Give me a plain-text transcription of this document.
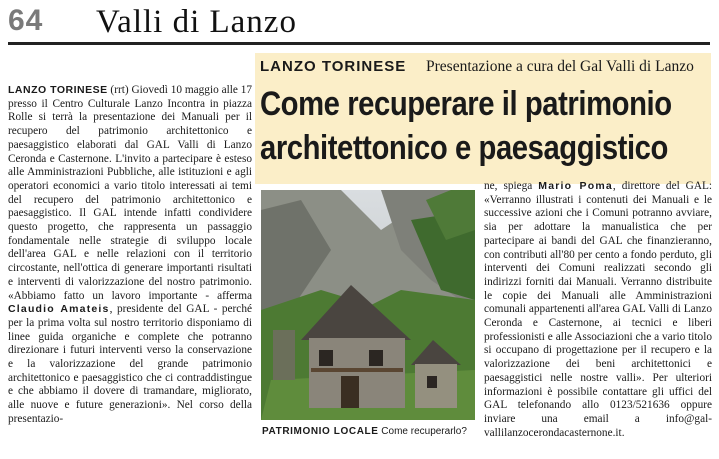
64 Valli di Lanzo
LANZO TORINESE Presentazione a cura del Gal Valli di Lanzo
Come recuperare il patrimonio
architettonico e paesaggistico
LANZO TORINESE (rrt) Giovedì 10 maggio alle 17 presso il Centro Culturale Lanzo Incontra in piazza Rolle si terrà la presentazione dei Manuali per il recupero del patrimonio architettonico e paesaggistico elaborati dal GAL Valli di Lanzo Ceronda e Casternone. L'invito a partecipare è esteso alle Amministrazioni Pubbliche, alle istituzioni e agli operatori economici a vario titolo interessati ai temi del recupero del patrimonio architettonico e paesaggistico. Il GAL intende infatti condividere questo progetto, che rappresenta un passaggio fondamentale nelle strategie di sviluppo locale dell'area GAL e nelle relazioni con il territorio circostante, nell'ottica di generare importanti risultati e interventi di valorizzazione del nostro patrimonio. «Abbiamo fatto un lavoro importante - afferma Claudio Amateis, presidente del GAL - perché per la prima volta sul nostro territorio disponiamo di linee guida organiche e complete che potranno direzionare i futuri interventi verso la conservazione e la valorizzazione del grande patrimonio architettonico e paesaggistico che ci contraddistingue e che abbiamo il dovere di tramandare, migliorato, alle nuove e future generazioni». Nel corso della presentazio-
PATRIMONIO LOCALE Come recuperarlo?
ne, spiega Mario Poma, direttore del GAL: «Verranno illustrati i contenuti dei Manuali e le successive azioni che i Comuni potranno avviare, sia per adottare la manualistica che per partecipare ai bandi del GAL che finanzieranno, con contributi all'80 per cento a fondo perduto, gli interventi dei Comuni realizzati secondo gli indirizzi forniti dai Manuali. Verranno distribuite le copie dei Manuali alle Amministrazioni comunali appartenenti all'area GAL Valli di Lanzo Ceronda e Casternone, ai tecnici e liberi professionisti e alle Associazioni che a vario titolo si occupano di progettazione per il recupero e la valorizzazione dei beni architettonici e paesaggistici nelle nostre valli». Per ulteriori informazioni è possibile contattare gli uffici del GAL telefonando allo 0123/521636 oppure inviare una email a info@gal-vallilanzocerondacasternone.it.
